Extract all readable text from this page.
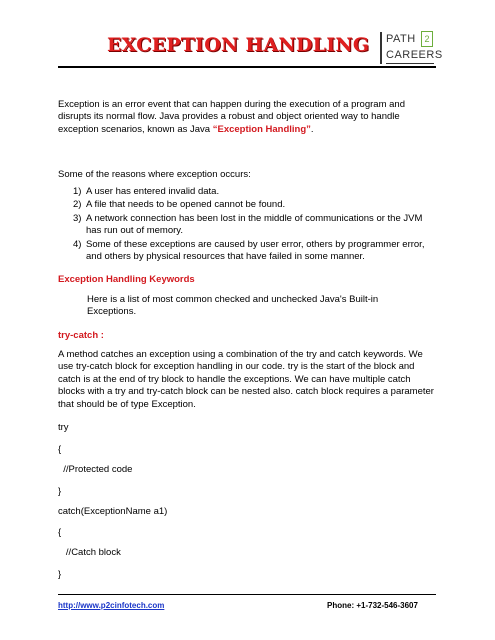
EXCEPTION HANDLING PATH 2
CAREERS
Exception is an error event that can happen during the execution of a program and disrupts its normal flow. Java provides a robust and object oriented way to handle exception scenarios, known as Java “Exception Handling”.
Some of the reasons where exception occurs:
1) A user has entered invalid data.
2) A file that needs to be opened cannot be found.
3) A network connection has been lost in the middle of communications or the JVM has run out of memory.
4) Some of these exceptions are caused by user error, others by programmer error, and others by physical resources that have failed in some manner.
Exception Handling Keywords
Here is a list of most common checked and unchecked Java's Built-in Exceptions.
try-catch :
A method catches an exception using a combination of the try and catch keywords. We use try-catch block for exception handling in our code. try is the start of the block and catch is at the end of try block to handle the exceptions. We can have multiple catch blocks with a try and try-catch block can be nested also. catch block requires a parameter that should be of type Exception.
try
{
//Protected code
}
catch(ExceptionName a1)
{
//Catch block
}
http://www.p2cinfotech.com	Phone: +1-732-546-3607
